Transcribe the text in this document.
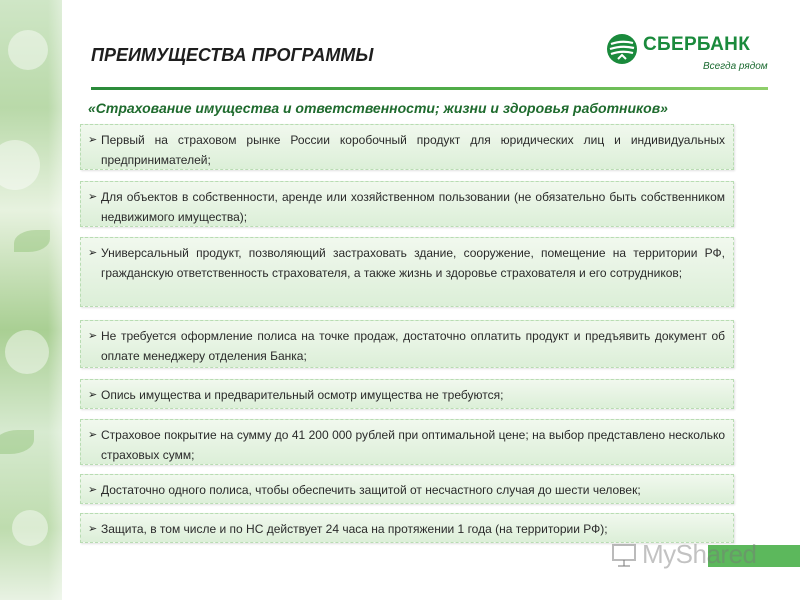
ПРЕИМУЩЕСТВА ПРОГРАММЫ	СБЕРБАНК
Всегда рядом

«Страхование имущества и ответственности; жизни и здоровья работников»

➢ Первый на страховом рынке России коробочный продукт для юридических лиц и индивидуальных предпринимателей;
➢ Для объектов в собственности, аренде или хозяйственном пользовании (не обязательно быть собственником недвижимого имущества);
➢ Универсальный продукт, позволяющий застраховать здание, сооружение, помещение на территории РФ, гражданскую ответственность страхователя, а также жизнь и здоровье страхователя и его сотрудников;
➢ Не требуется оформление полиса на точке продаж, достаточно оплатить продукт и предъявить документ об оплате менеджеру отделения Банка;
➢ Опись имущества и предварительный осмотр имущества не требуются;
➢ Страховое покрытие на сумму до 41 200 000 рублей при оптимальной цене; на выбор представлено несколько страховых сумм;
➢ Достаточно одного полиса, чтобы обеспечить защитой от несчастного случая до шести человек;
➢ Защита, в том числе и по НС действует 24 часа на протяжении 1 года (на территории РФ);
MyShared
